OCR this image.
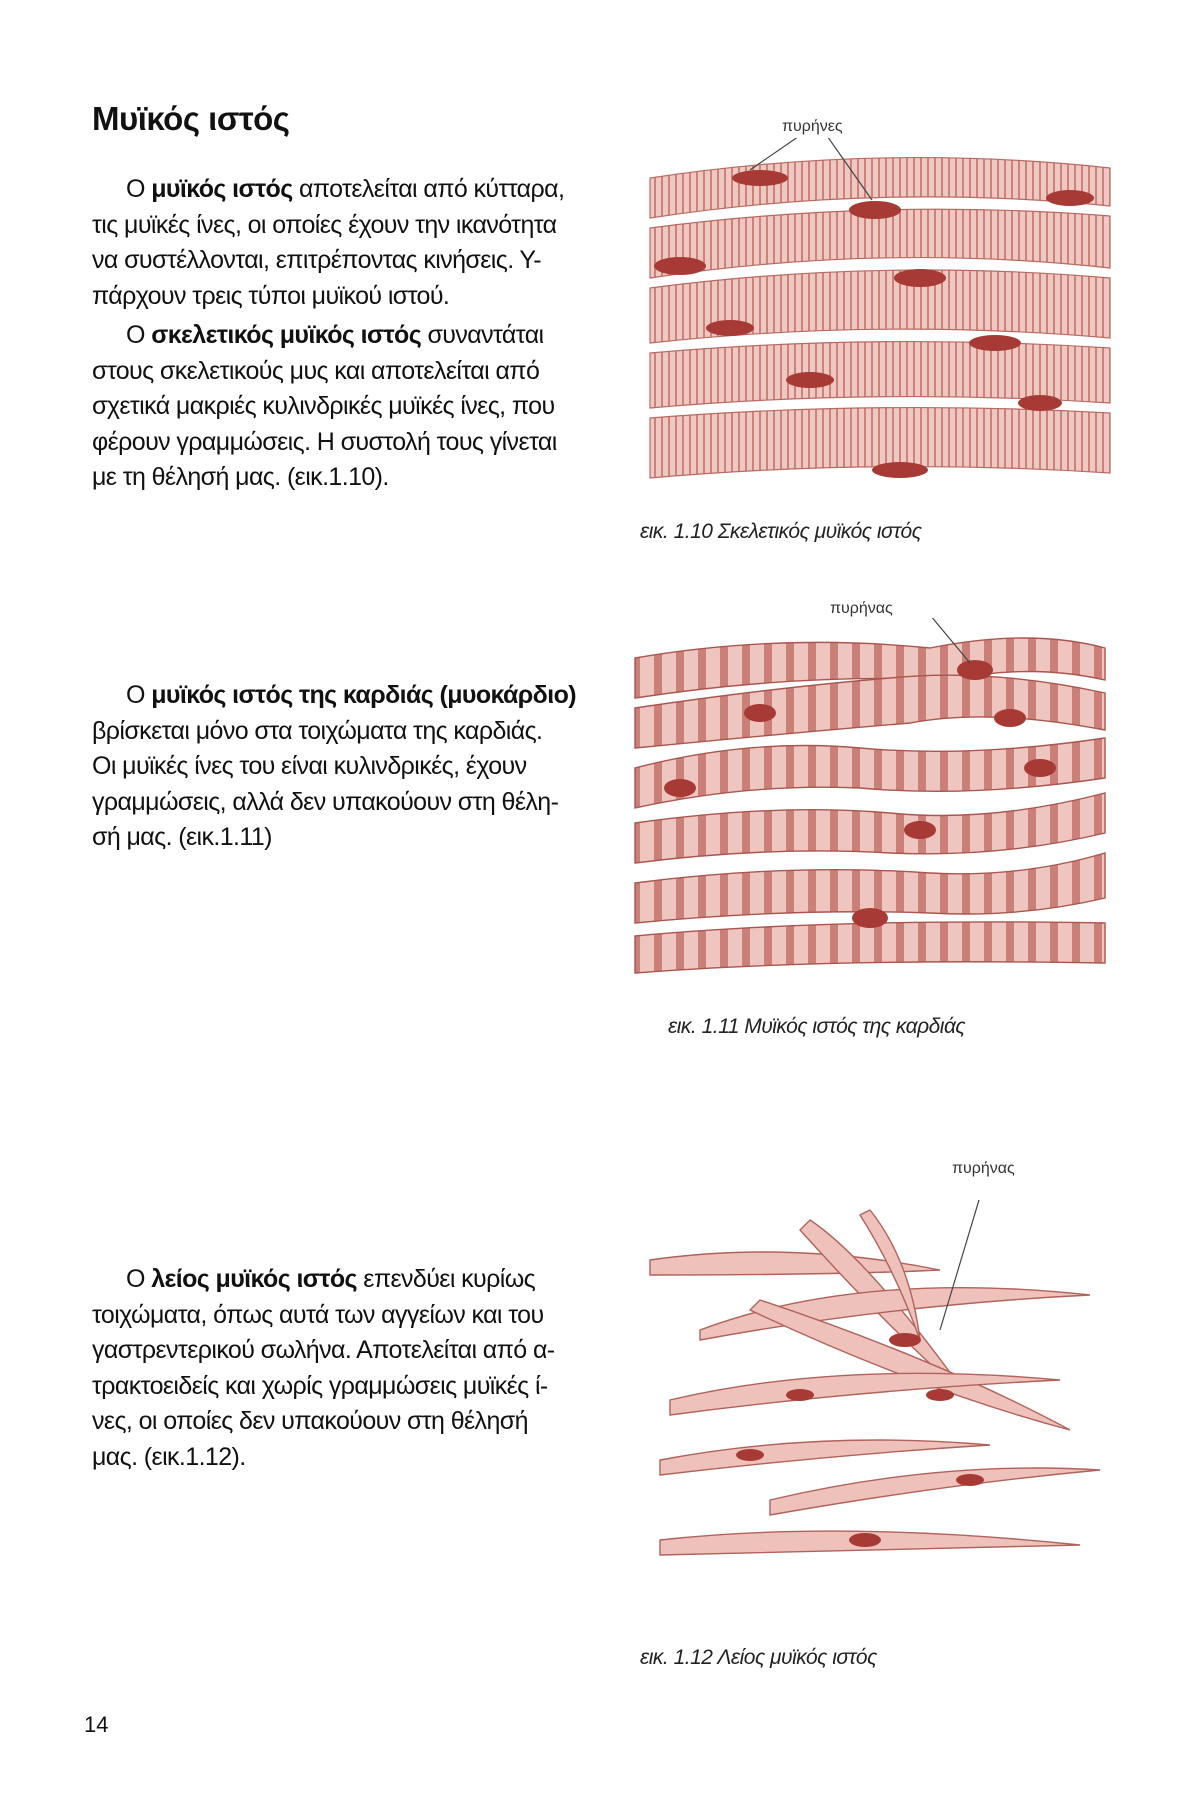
Μυϊκός ιστός

Ο μυϊκός ιστός αποτελείται από κύτταρα,
τις μυϊκές ίνες, οι οποίες έχουν την ικανότητα
να συστέλλονται, επιτρέποντας κινήσεις. Υ-
πάρχουν τρεις τύποι μυϊκού ιστού.

Ο σκελετικός μυϊκός ιστός συναντάται
στους σκελετικούς μυς και αποτελείται από
σχετικά μακριές κυλινδρικές μυϊκές ίνες, που
φέρουν γραμμώσεις. Η συστολή τους γίνεται
με τη θέλησή μας. (εικ.1.10).

Ο μυϊκός ιστός της καρδιάς (μυοκάρδιο)
βρίσκεται μόνο στα τοιχώματα της καρδιάς.
Οι μυϊκές ίνες του είναι κυλινδρικές, έχουν
γραμμώσεις, αλλά δεν υπακούουν στη θέλη-
σή μας. (εικ.1.11)

Ο λείος μυϊκός ιστός επενδύει κυρίως
τοιχώματα, όπως αυτά των αγγείων και του
γαστρεντερικού σωλήνα. Αποτελείται από α-
τρακτοειδείς και χωρίς γραμμώσεις μυϊκές ί-
νες, οι οποίες δεν υπακούουν στη θέλησή
μας. (εικ.1.12).

πυρήνες

εικ. 1.10 Σκελετικός μυϊκός ιστός

πυρήνας

εικ. 1.11 Μυϊκός ιστός της καρδιάς

πυρήνας

εικ. 1.12 Λείος μυϊκός ιστός

14
